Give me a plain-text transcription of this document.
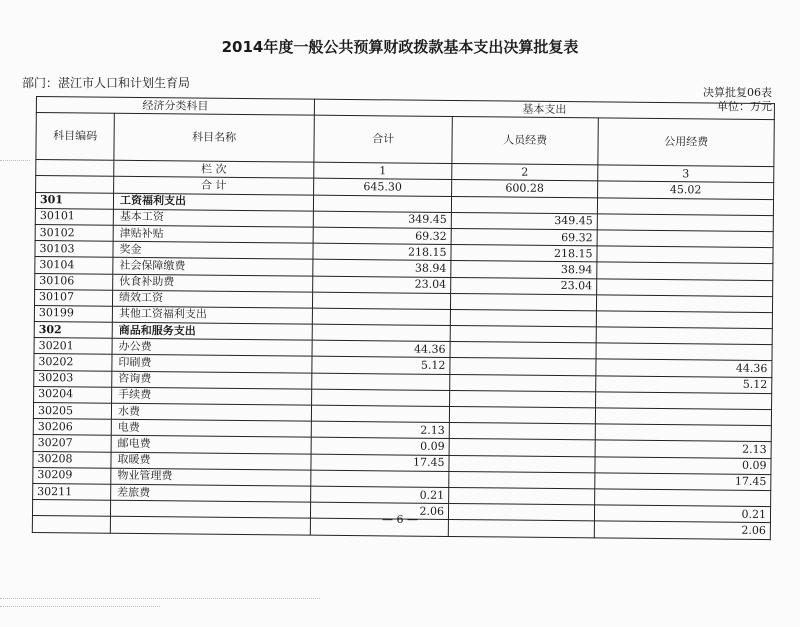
2014年度一般公共预算财政拨款基本支出决算批复表
部门：湛江市人口和计划生育局
决算批复06表
单位：万元
经济分类科目		基本支出		
科目编码	科目名称	合计	人员经费	公用经费

	栏 次	1	2	3
	合 计	645.30	600.28	45.02
301	工资福利支出			
30101	基本工资	349.45	349.45	
30102	津贴补贴	69.32	69.32	
30103	奖金	218.15	218.15	
30104	社会保障缴费	38.94	38.94	
30106	伙食补助费	23.04	23.04	
30107	绩效工资			
30199	其他工资福利支出			
302	商品和服务支出			
30201	办公费	44.36		
30202	印刷费	5.12		44.36
30203	咨询费			5.12
30204	手续费			
30205	水费			
30206	电费	2.13		
30207	邮电费	0.09		2.13
30208	取暖费	17.45		0.09
30209	物业管理费			17.45
30211	差旅费	0.21		
		2.06		0.21
				2.06
— 6 —
